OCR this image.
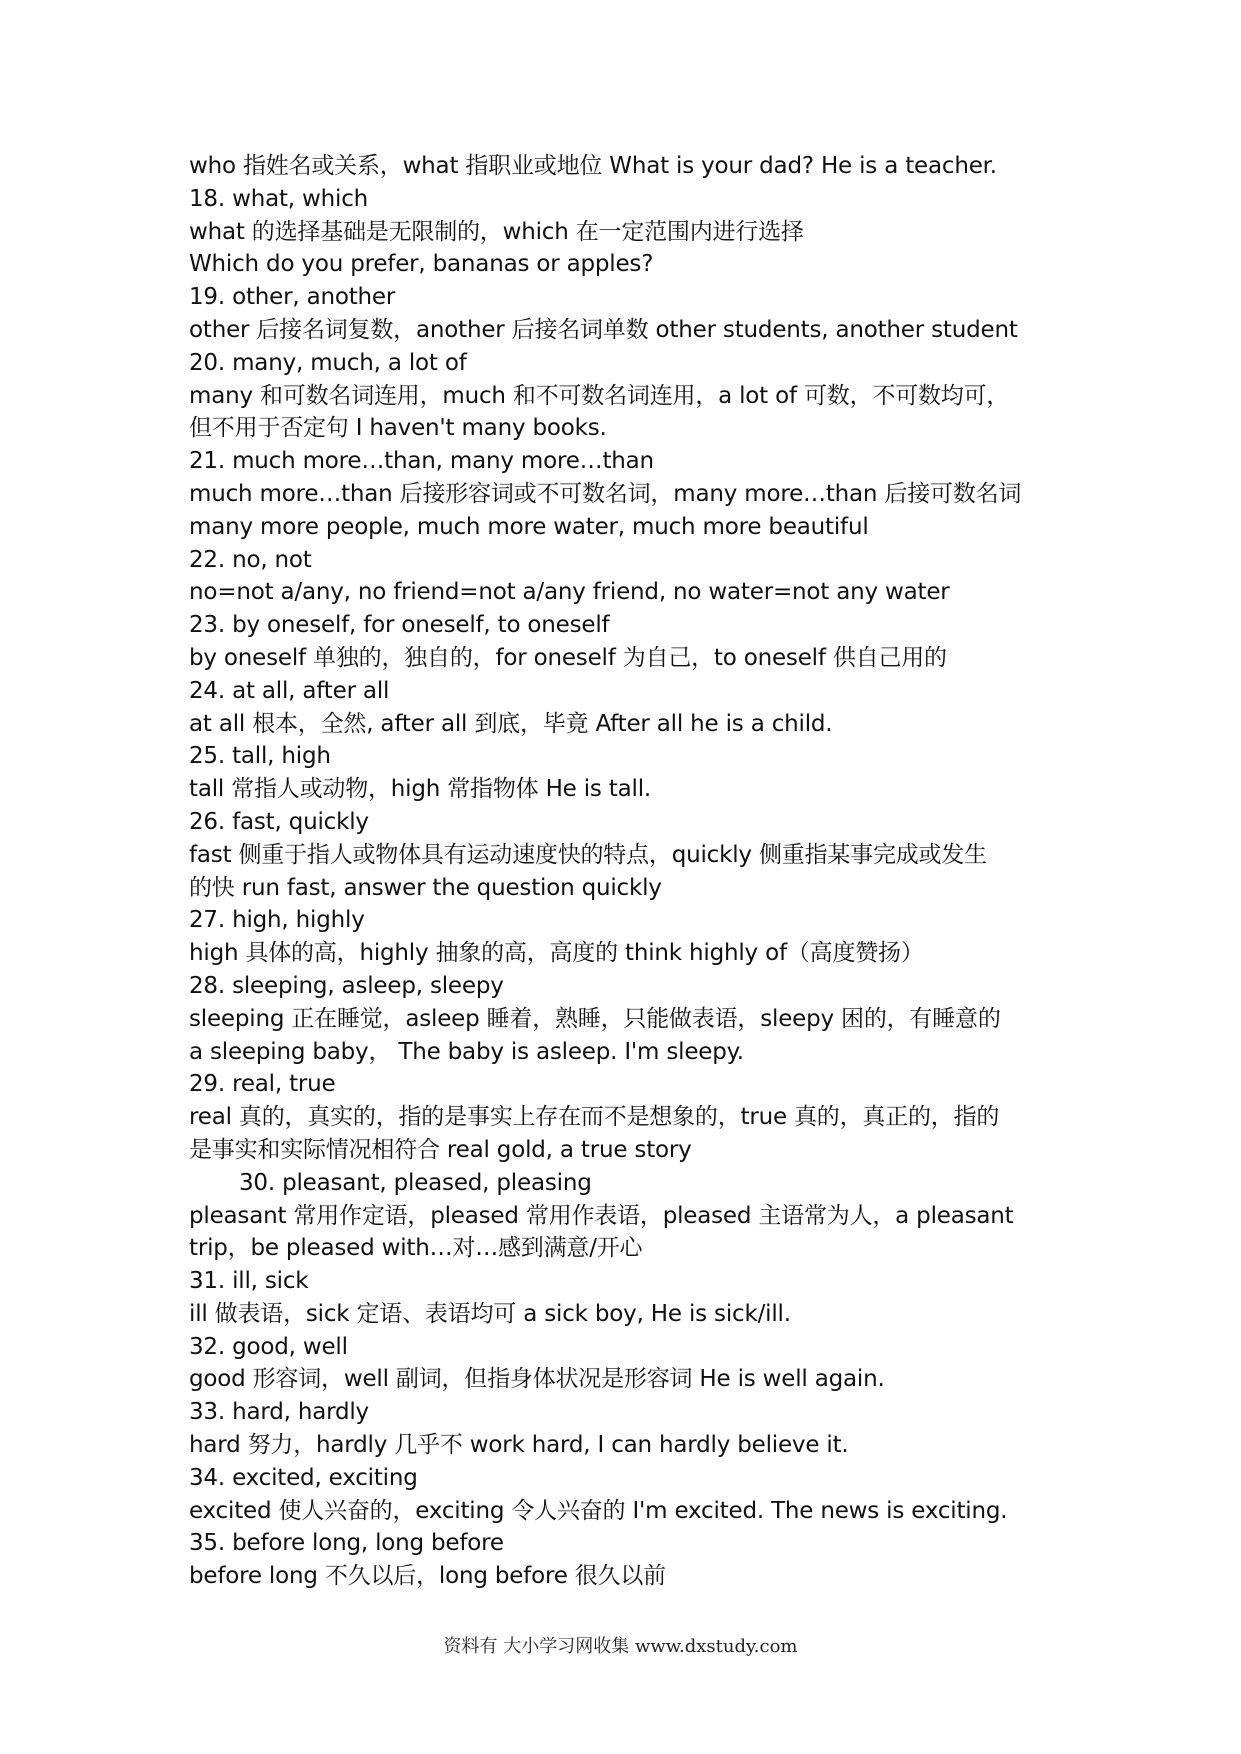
who 指姓名或关系，what 指职业或地位 What is your dad? He is a teacher.
18. what, which
what 的选择基础是无限制的，which 在一定范围内进行选择
Which do you prefer, bananas or apples?
19. other, another
other 后接名词复数，another 后接名词单数 other students, another student
20. many, much, a lot of
many 和可数名词连用，much 和不可数名词连用，a lot of 可数，不可数均可，
但不用于否定句 I haven't many books.
21. much more…than, many more…than
much more…than 后接形容词或不可数名词，many more…than 后接可数名词
many more people, much more water, much more beautiful
22. no, not
no=not a/any, no friend=not a/any friend, no water=not any water
23. by oneself, for oneself, to oneself
by oneself 单独的，独自的，for oneself 为自己，to oneself 供自己用的
24. at all, after all
at all 根本，全然, after all 到底，毕竟 After all he is a child.
25. tall, high
tall 常指人或动物，high 常指物体 He is tall.
26. fast, quickly
fast 侧重于指人或物体具有运动速度快的特点，quickly 侧重指某事完成或发生
的快 run fast, answer the question quickly
27. high, highly
high 具体的高，highly 抽象的高，高度的 think highly of（高度赞扬）
28. sleeping, asleep, sleepy
sleeping 正在睡觉，asleep 睡着，熟睡，只能做表语，sleepy 困的，有睡意的
a sleeping baby， The baby is asleep. I'm sleepy.
29. real, true
real 真的，真实的，指的是事实上存在而不是想象的，true 真的，真正的，指的
是事实和实际情况相符合 real gold, a true story
30. pleasant, pleased, pleasing
pleasant 常用作定语，pleased 常用作表语，pleased 主语常为人，a pleasant
trip，be pleased with…对…感到满意/开心
31. ill, sick
ill 做表语，sick 定语、表语均可 a sick boy, He is sick/ill.
32. good, well
good 形容词，well 副词，但指身体状况是形容词 He is well again.
33. hard, hardly
hard 努力，hardly 几乎不 work hard, I can hardly believe it.
34. excited, exciting
excited 使人兴奋的，exciting 令人兴奋的 I'm excited. The news is exciting.
35. before long, long before
before long 不久以后，long before 很久以前
资料有 大小学习网收集 www.dxstudy.com
